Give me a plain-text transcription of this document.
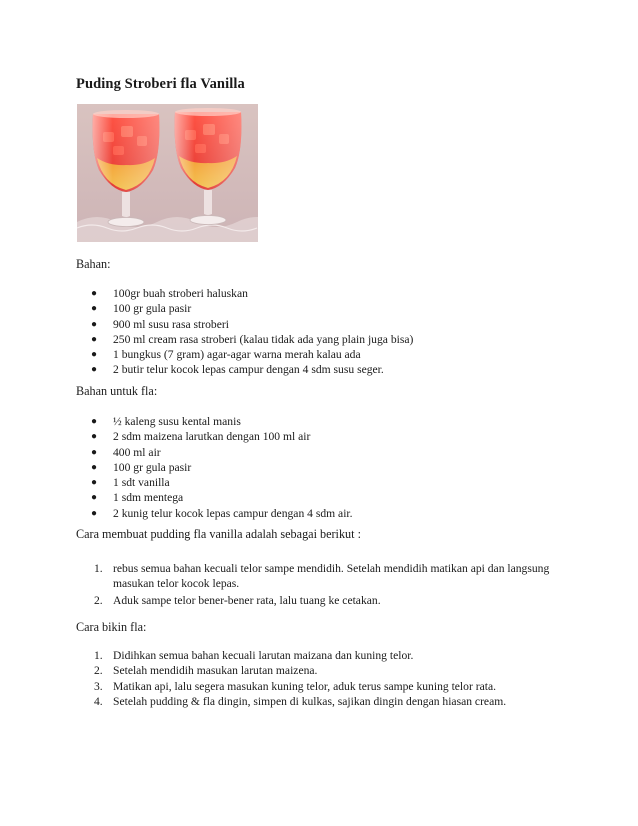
Puding Stroberi fla Vanilla

Bahan:

● 100gr buah stroberi haluskan
● 100 gr gula pasir
● 900 ml susu rasa stroberi
● 250 ml cream rasa stroberi (kalau tidak ada yang plain juga bisa)
● 1 bungkus (7 gram) agar-agar warna merah kalau ada
● 2 butir telur kocok lepas campur dengan 4 sdm susu seger.

Bahan untuk fla:

● ½ kaleng susu kental manis
● 2 sdm maizena larutkan dengan 100 ml air
● 400 ml air
● 100 gr gula pasir
● 1 sdt vanilla
● 1 sdm mentega
● 2 kunig telur kocok lepas campur dengan 4 sdm air.

Cara membuat pudding fla vanilla adalah sebagai berikut :

1. rebus semua bahan kecuali telor sampe mendidih. Setelah mendidih matikan api dan langsung masukan telor kocok lepas.
2. Aduk sampe telor bener-bener rata, lalu tuang ke cetakan.

Cara bikin fla:

1. Didihkan semua bahan kecuali larutan maizana dan kuning telor.
2. Setelah mendidih masukan larutan maizena.
3. Matikan api, lalu segera masukan kuning telor, aduk terus sampe kuning telor rata.
4. Setelah pudding & fla dingin, simpen di kulkas, sajikan dingin dengan hiasan cream.
